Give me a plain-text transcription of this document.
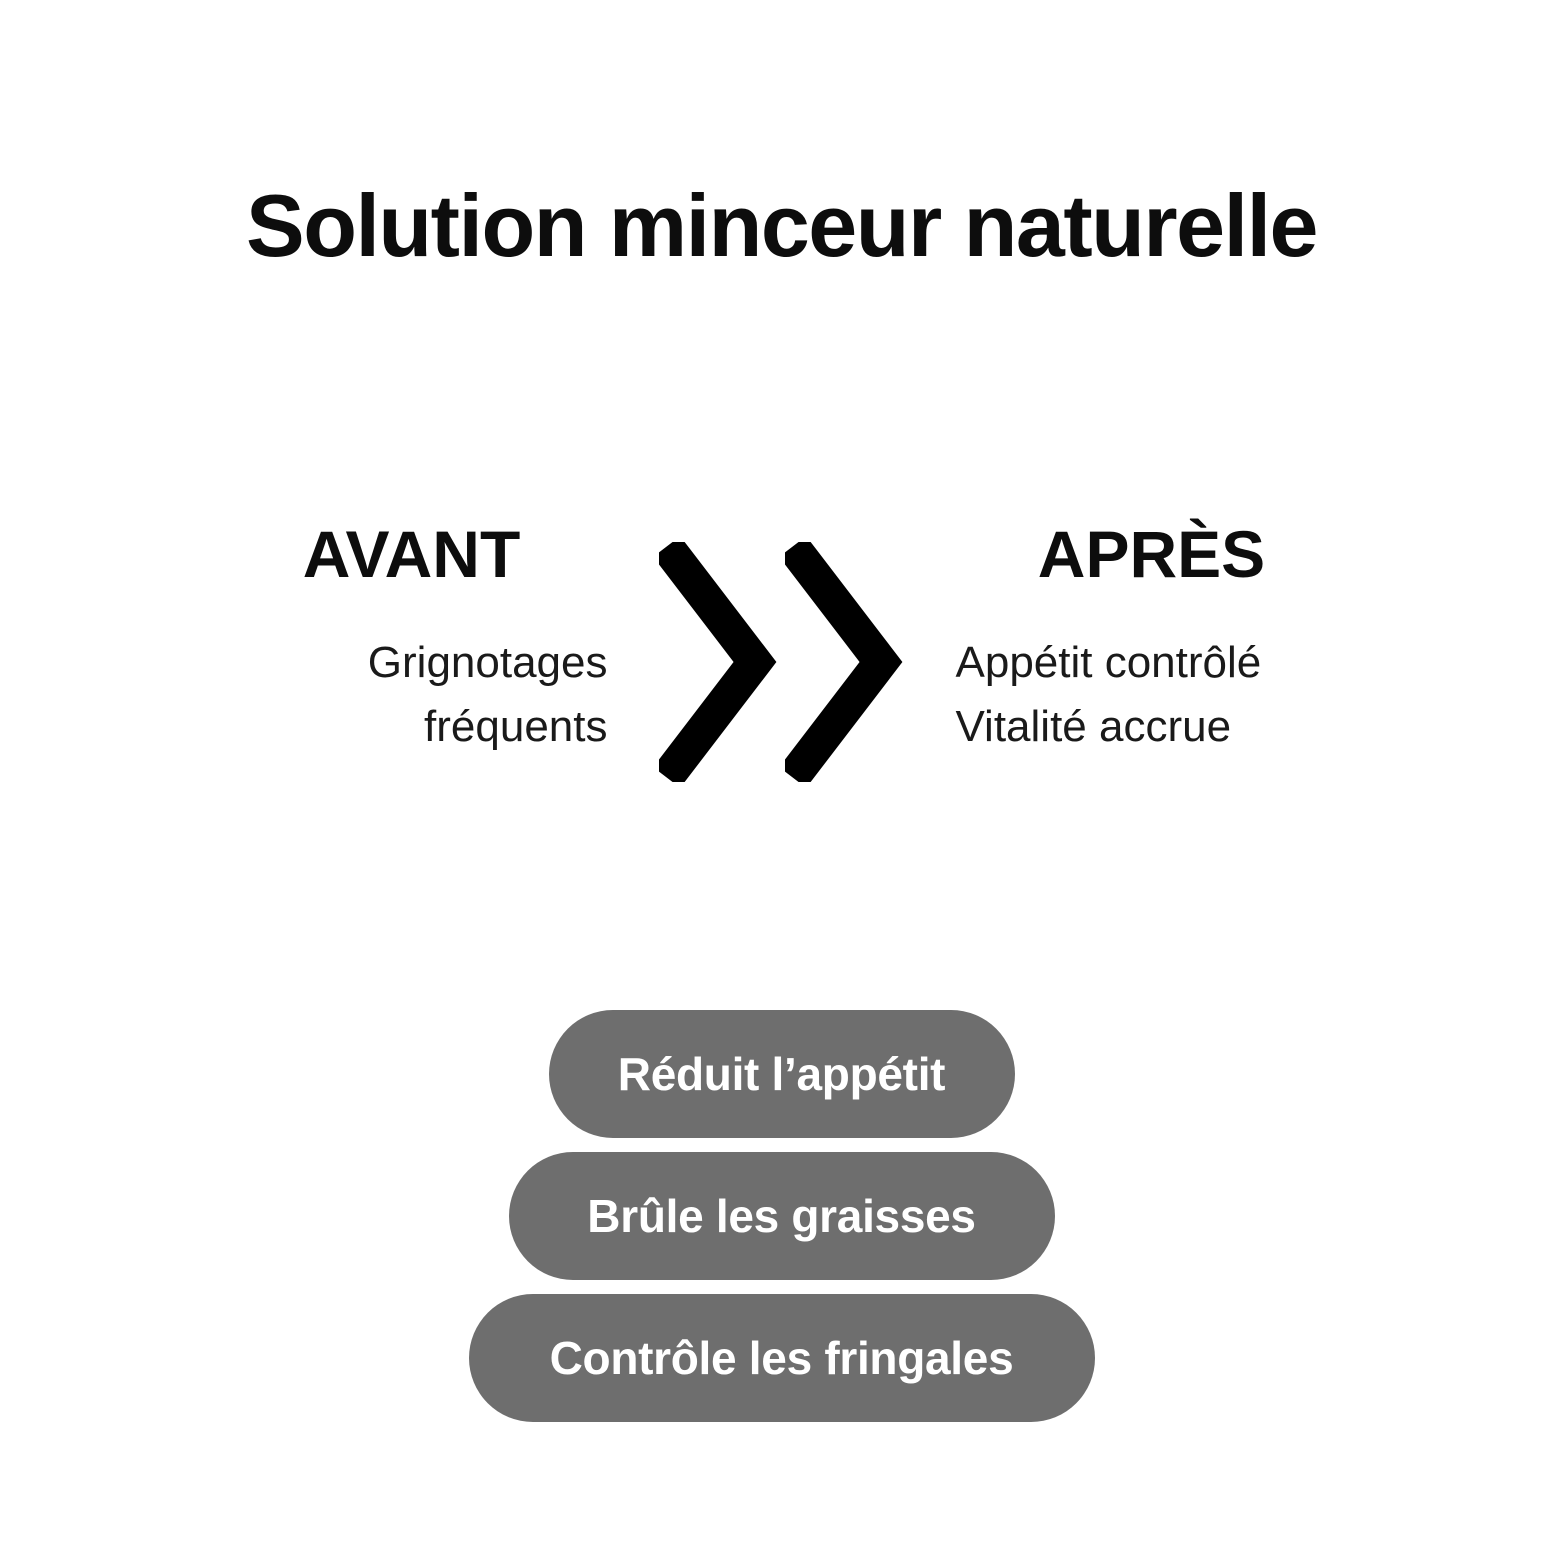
Solution minceur naturelle
AVANT
Grignotages
fréquents
APRÈS
Appétit contrôlé
Vitalité accrue
Réduit l’appétit
Brûle les graisses
Contrôle les fringales
